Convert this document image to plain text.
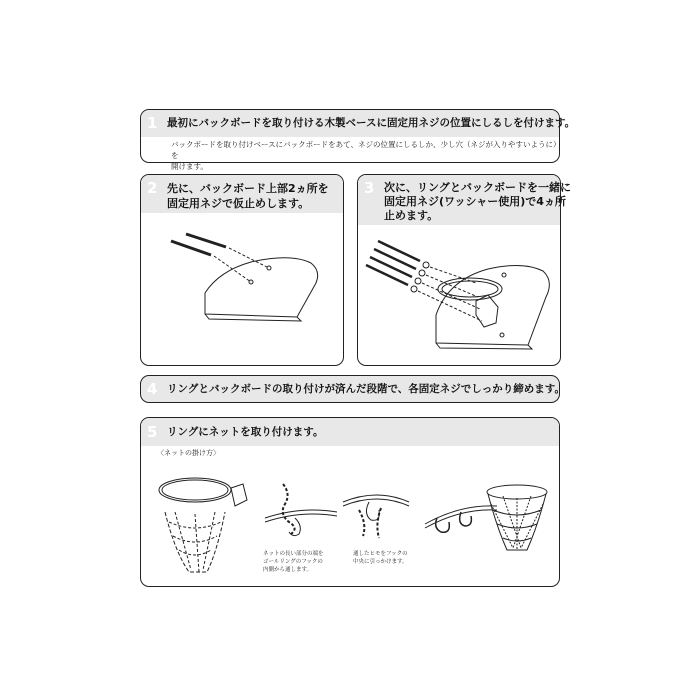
1 最初にバックボードを取り付ける木製ベースに固定用ネジの位置にしるしを付けます。
バックボードを取り付けベースにバックボードをあて、ネジの位置にしるしか、少し穴（ネジが入りやすいように）を
開けます。
2 先に、バックボード上部2ヵ所を
固定用ネジで仮止めします。
3 次に、リングとバックボードを一緒に
固定用ネジ(ワッシャー使用)で4ヵ所
止めます。
4 リングとバックボードの取り付けが済んだ段階で、各固定ネジでしっかり締めます。
5 リングにネットを取り付けます。
〈ネットの掛け方〉
ネットの長い部分の端を
ゴールリングのフックの
内側から通します。
通したヒモをフックの
中央に引っかけます。
